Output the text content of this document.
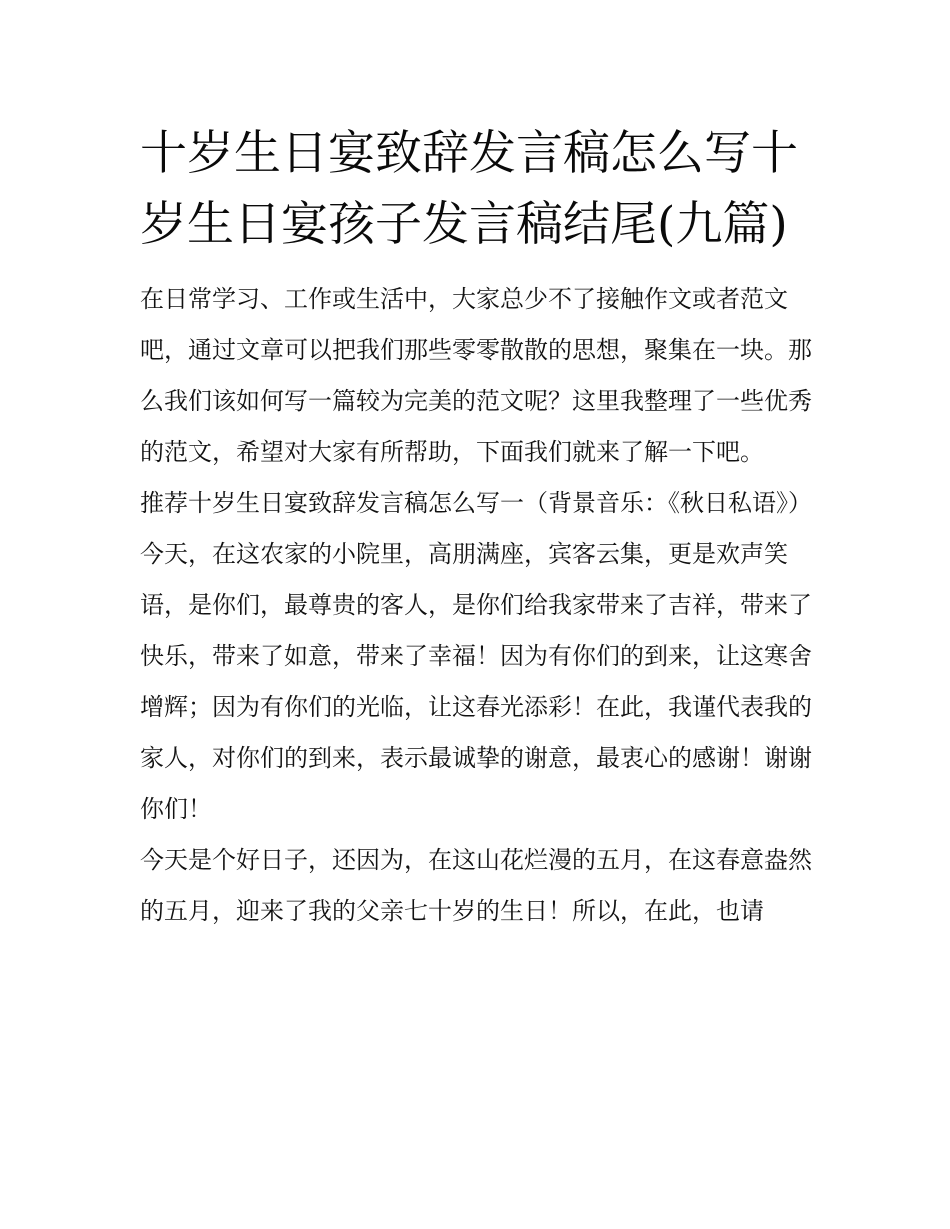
十岁生日宴致辞发言稿怎么写十岁生日宴孩子发言稿结尾(九篇)

在日常学习、工作或生活中，大家总少不了接触作文或者范文吧，通过文章可以把我们那些零零散散的思想，聚集在一块。那么我们该如何写一篇较为完美的范文呢？这里我整理了一些优秀的范文，希望对大家有所帮助，下面我们就来了解一下吧。

推荐十岁生日宴致辞发言稿怎么写一（背景音乐：《秋日私语》）

今天，在这农家的小院里，高朋满座，宾客云集，更是欢声笑语，是你们，最尊贵的客人，是你们给我家带来了吉祥，带来了快乐，带来了如意，带来了幸福！因为有你们的到来，让这寒舍增辉；因为有你们的光临，让这春光添彩！在此，我谨代表我的家人，对你们的到来，表示最诚挚的谢意，最衷心的感谢！谢谢你们！

今天是个好日子，还因为，在这山花烂漫的五月，在这春意盎然的五月，迎来了我的父亲七十岁的生日！所以，在此，也请
